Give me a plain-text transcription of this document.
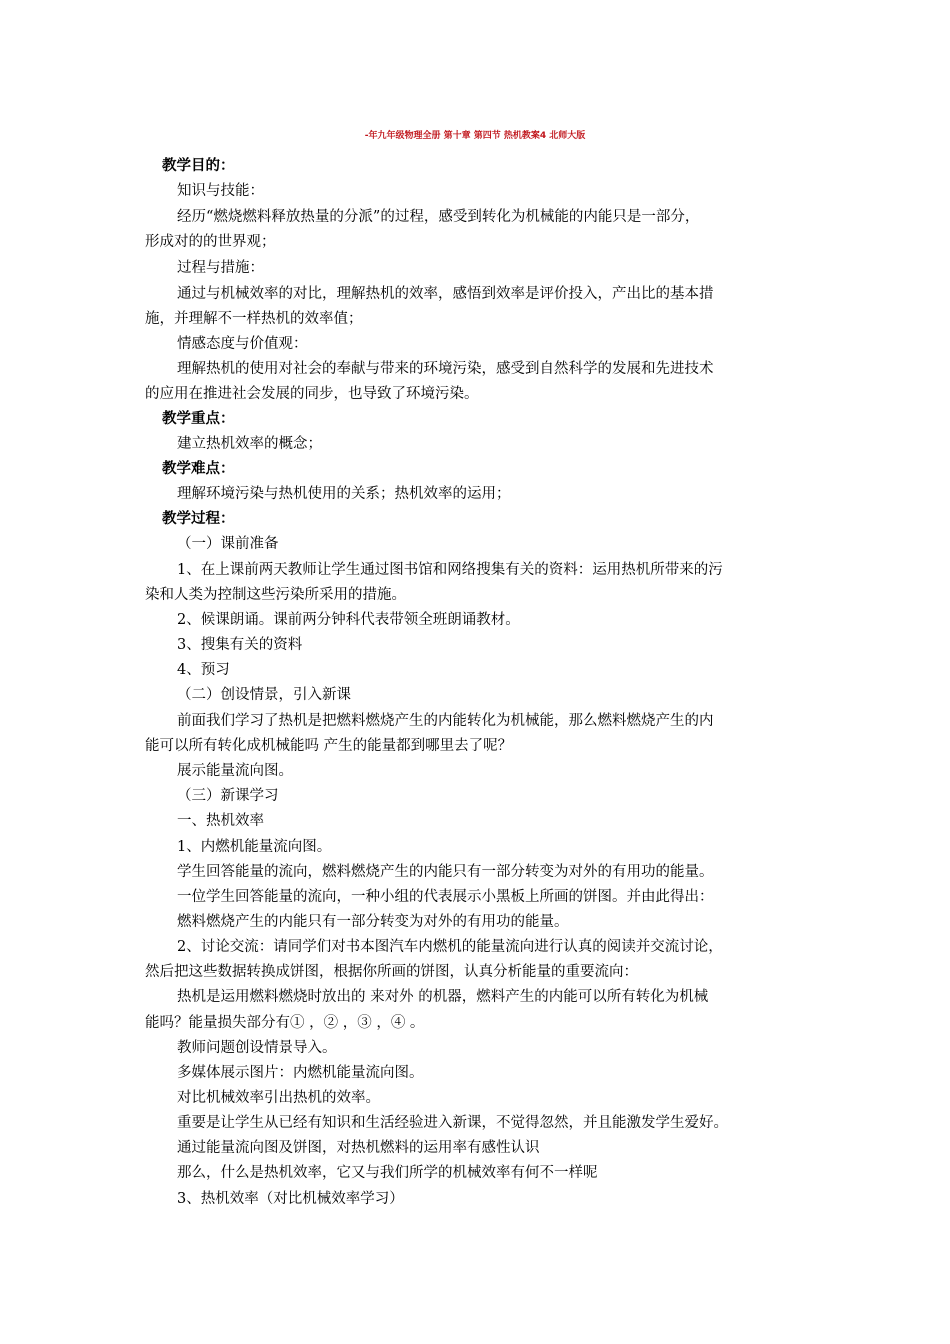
-年九年级物理全册 第十章 第四节 热机教案4 北师大版
教学目的：
知识与技能：
经历“燃烧燃料释放热量的分派”的过程，感受到转化为机械能的内能只是一部分，
形成对的的世界观；
过程与措施：
通过与机械效率的对比，理解热机的效率，感悟到效率是评价投入，产出比的基本措
施，并理解不一样热机的效率值；
情感态度与价值观：
理解热机的使用对社会的奉献与带来的环境污染，感受到自然科学的发展和先进技术
的应用在推进社会发展的同步，也导致了环境污染。
教学重点：
建立热机效率的概念；
教学难点：
理解环境污染与热机使用的关系；热机效率的运用；
教学过程：
（一）课前准备
1、在上课前两天教师让学生通过图书馆和网络搜集有关的资料：运用热机所带来的污
染和人类为控制这些污染所采用的措施。
2、候课朗诵。课前两分钟科代表带领全班朗诵教材。
3、搜集有关的资料
4、预习
（二）创设情景，引入新课
前面我们学习了热机是把燃料燃烧产生的内能转化为机械能，那么燃料燃烧产生的内
能可以所有转化成机械能吗 产生的能量都到哪里去了呢？
展示能量流向图。
（三）新课学习
一、热机效率
1、内燃机能量流向图。
学生回答能量的流向，燃料燃烧产生的内能只有一部分转变为对外的有用功的能量。
一位学生回答能量的流向，一种小组的代表展示小黑板上所画的饼图。并由此得出：
燃料燃烧产生的内能只有一部分转变为对外的有用功的能量。
2、讨论交流：请同学们对书本图汽车内燃机的能量流向进行认真的阅读并交流讨论，
然后把这些数据转换成饼图，根据你所画的饼图，认真分析能量的重要流向：
热机是运用燃料燃烧时放出的 来对外 的机器，燃料产生的内能可以所有转化为机械
能吗？能量损失部分有① ，② ，③ ，④ 。
教师问题创设情景导入。
多媒体展示图片：内燃机能量流向图。
对比机械效率引出热机的效率。
重要是让学生从已经有知识和生活经验进入新课，不觉得忽然，并且能激发学生爱好。
通过能量流向图及饼图，对热机燃料的运用率有感性认识
那么，什么是热机效率，它又与我们所学的机械效率有何不一样呢
3、热机效率（对比机械效率学习）
